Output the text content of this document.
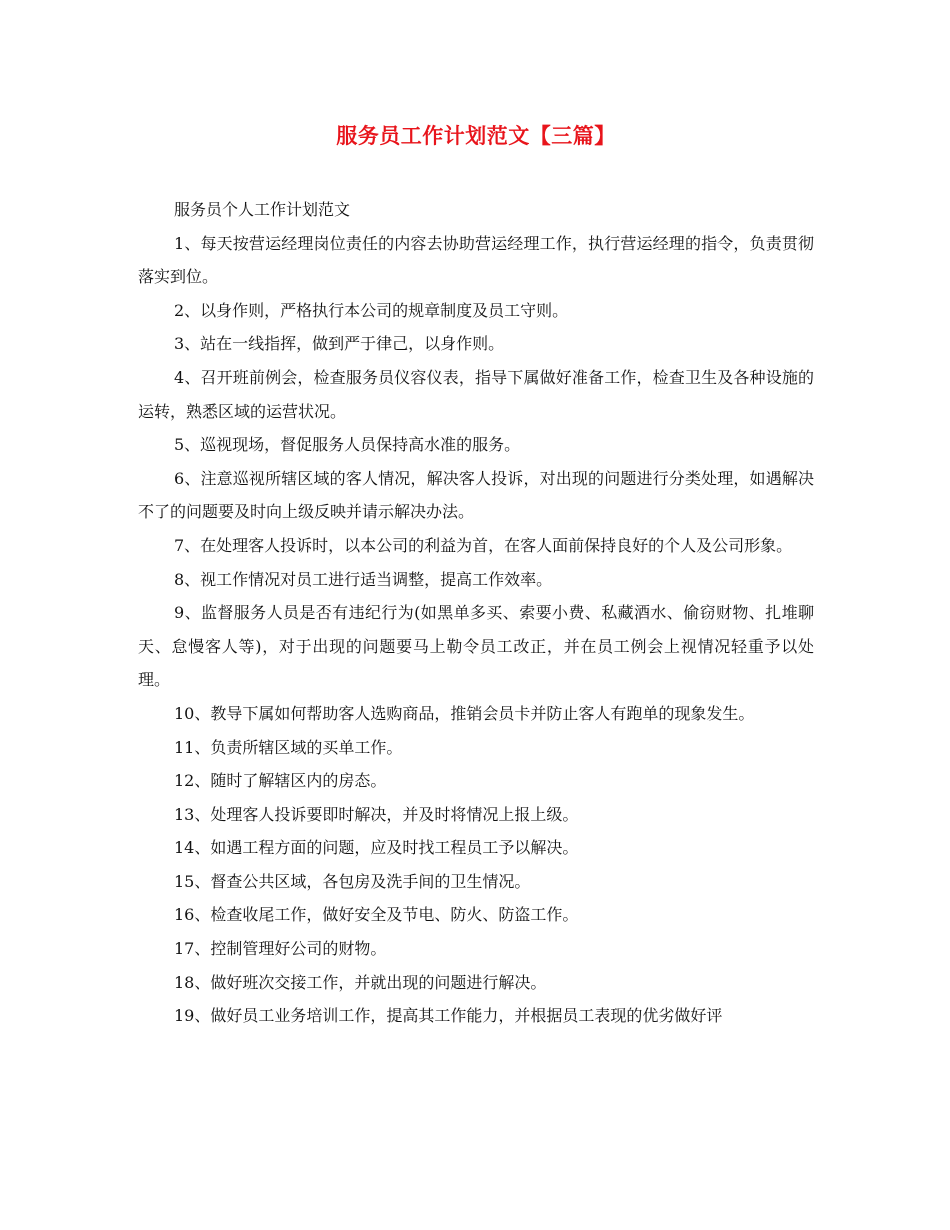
服务员工作计划范文【三篇】

服务员个人工作计划范文

1、每天按营运经理岗位责任的内容去协助营运经理工作，执行营运经理的指令，负责贯彻落实到位。

2、以身作则，严格执行本公司的规章制度及员工守则。

3、站在一线指挥，做到严于律己，以身作则。

4、召开班前例会，检查服务员仪容仪表，指导下属做好准备工作，检查卫生及各种设施的运转，熟悉区域的运营状况。

5、巡视现场，督促服务人员保持高水准的服务。

6、注意巡视所辖区域的客人情况，解决客人投诉，对出现的问题进行分类处理，如遇解决不了的问题要及时向上级反映并请示解决办法。

7、在处理客人投诉时，以本公司的利益为首，在客人面前保持良好的个人及公司形象。

8、视工作情况对员工进行适当调整，提高工作效率。

9、监督服务人员是否有违纪行为(如黑单多买、索要小费、私藏酒水、偷窃财物、扎堆聊天、怠慢客人等)，对于出现的问题要马上勒令员工改正，并在员工例会上视情况轻重予以处理。

10、教导下属如何帮助客人选购商品，推销会员卡并防止客人有跑单的现象发生。

11、负责所辖区域的买单工作。

12、随时了解辖区内的房态。

13、处理客人投诉要即时解决，并及时将情况上报上级。

14、如遇工程方面的问题，应及时找工程员工予以解决。

15、督查公共区域，各包房及洗手间的卫生情况。

16、检查收尾工作，做好安全及节电、防火、防盗工作。

17、控制管理好公司的财物。

18、做好班次交接工作，并就出现的问题进行解决。

19、做好员工业务培训工作，提高其工作能力，并根据员工表现的优劣做好评
